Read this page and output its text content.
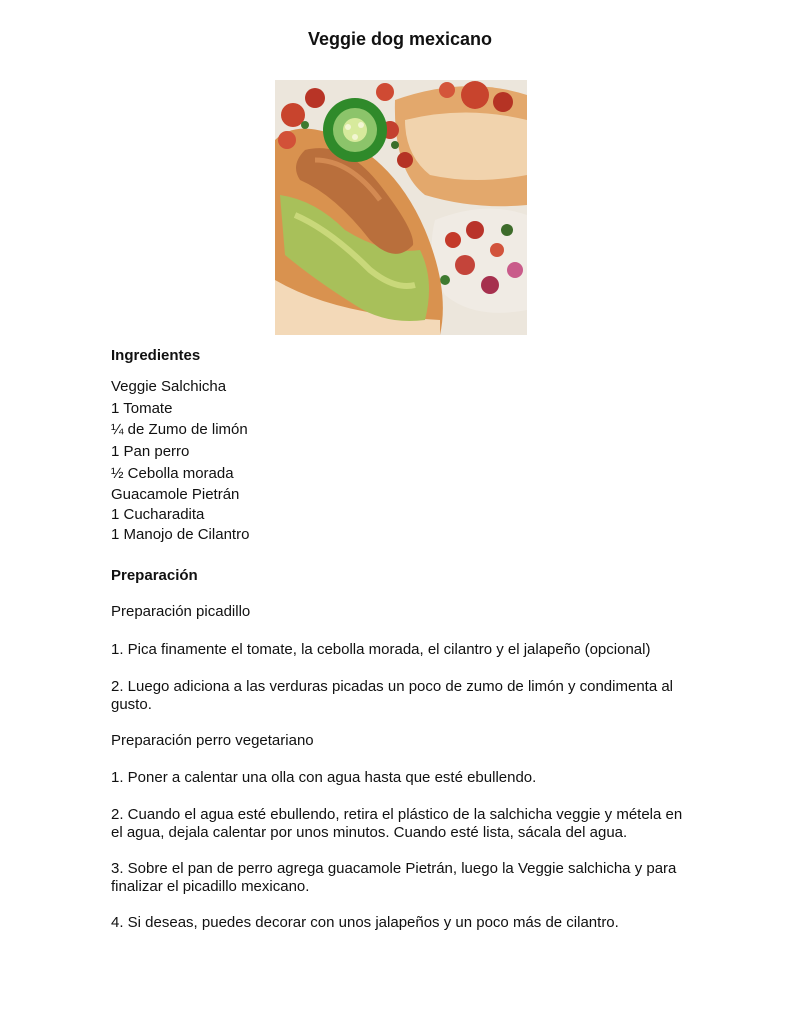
Veggie dog mexicano
Ingredientes
Veggie Salchicha
1 Tomate
¼ de Zumo de limón
1 Pan perro
½ Cebolla morada
Guacamole Pietrán
1 Cucharadita
1 Manojo de Cilantro
Preparación

Preparación picadillo

1. Pica finamente el tomate, la cebolla morada, el cilantro y el jalapeño (opcional)

2. Luego adiciona a las verduras picadas un poco de zumo de limón y condimenta al gusto.

Preparación perro vegetariano

1. Poner a calentar una olla con agua hasta que esté ebullendo.

2. Cuando el agua esté ebullendo, retira el plástico de la salchicha veggie y métela en el agua, dejala calentar por unos minutos. Cuando esté lista, sácala del agua.

3. Sobre el pan de perro agrega guacamole Pietrán, luego la Veggie salchicha y para finalizar el picadillo mexicano.

4. Si deseas, puedes decorar con unos jalapeños y un poco más de cilantro.
